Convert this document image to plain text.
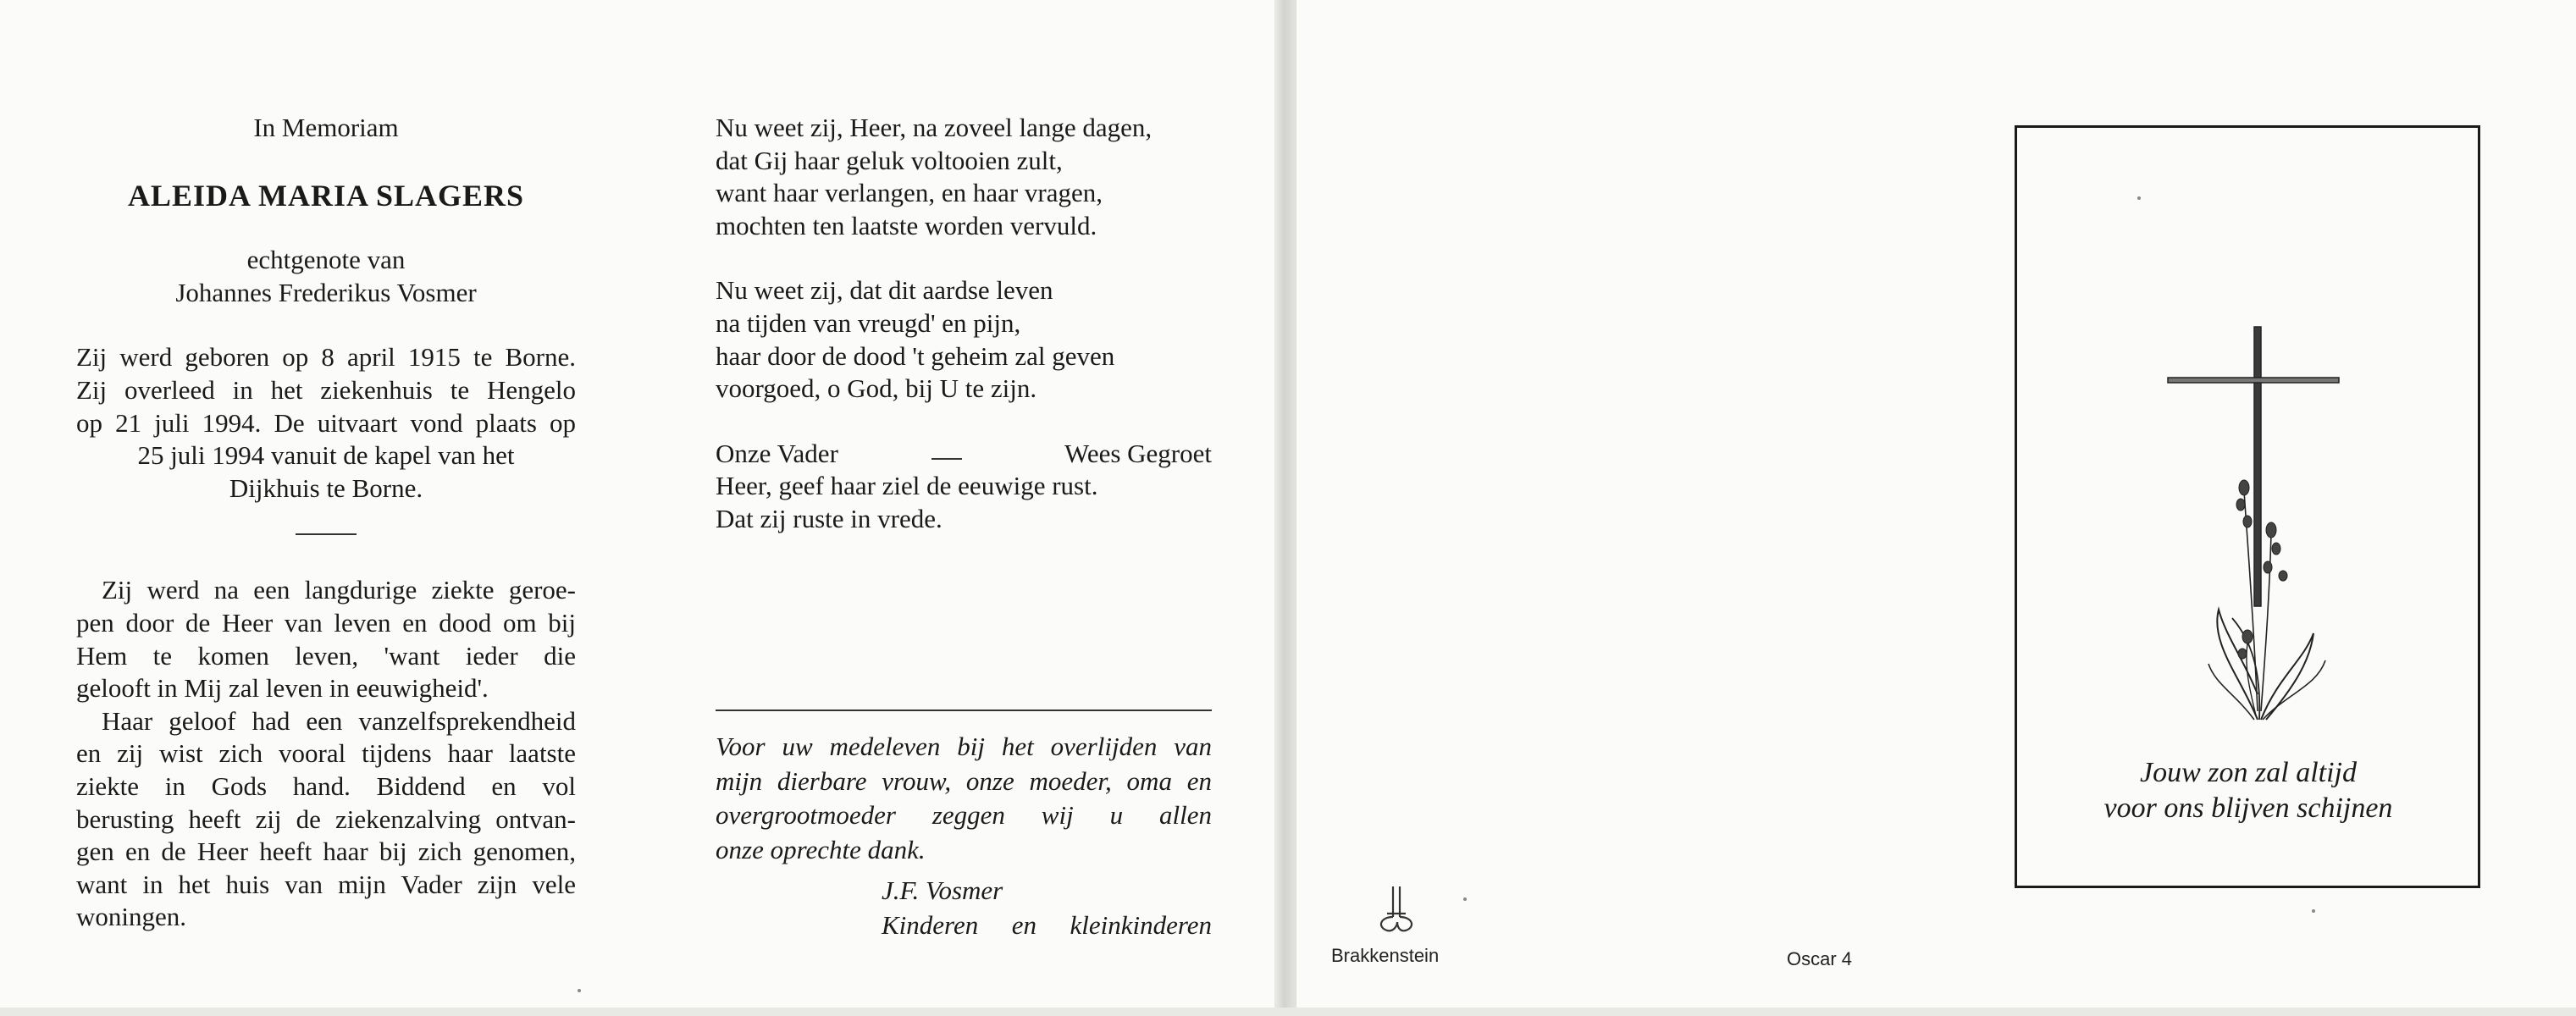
In Memoriam
ALEIDA MARIA SLAGERS
echtgenote van
Johannes Frederikus Vosmer
Zij werd geboren op 8 april 1915 te Borne.
Zij overleed in het ziekenhuis te Hengelo
op 21 juli 1994. De uitvaart vond plaats op
25 juli 1994 vanuit de kapel van het
Dijkhuis te Borne.
Zij werd na een langdurige ziekte geroe-
pen door de Heer van leven en dood om bij
Hem te komen leven, 'want ieder die
gelooft in Mij zal leven in eeuwigheid'.
Haar geloof had een vanzelfsprekendheid
en zij wist zich vooral tijdens haar laatste
ziekte in Gods hand. Biddend en vol
berusting heeft zij de ziekenzalving ontvan-
gen en de Heer heeft haar bij zich genomen,
want in het huis van mijn Vader zijn vele
woningen.
Nu weet zij, Heer, na zoveel lange dagen,
dat Gij haar geluk voltooien zult,
want haar verlangen, en haar vragen,
mochten ten laatste worden vervuld.
Nu weet zij, dat dit aardse leven
na tijden van vreugd' en pijn,
haar door de dood 't geheim zal geven
voorgoed, o God, bij U te zijn.
Onze Vader	Wees Gegroet
Heer, geef haar ziel de eeuwige rust.
Dat zij ruste in vrede.
Voor uw medeleven bij het overlijden van
mijn dierbare vrouw, onze moeder, oma en
overgrootmoeder zeggen wij u allen
onze oprechte dank.
J.F. Vosmer
Kinderen en kleinkinderen
Brakkenstein	Oscar 4
Jouw zon zal altijd
voor ons blijven schijnen
